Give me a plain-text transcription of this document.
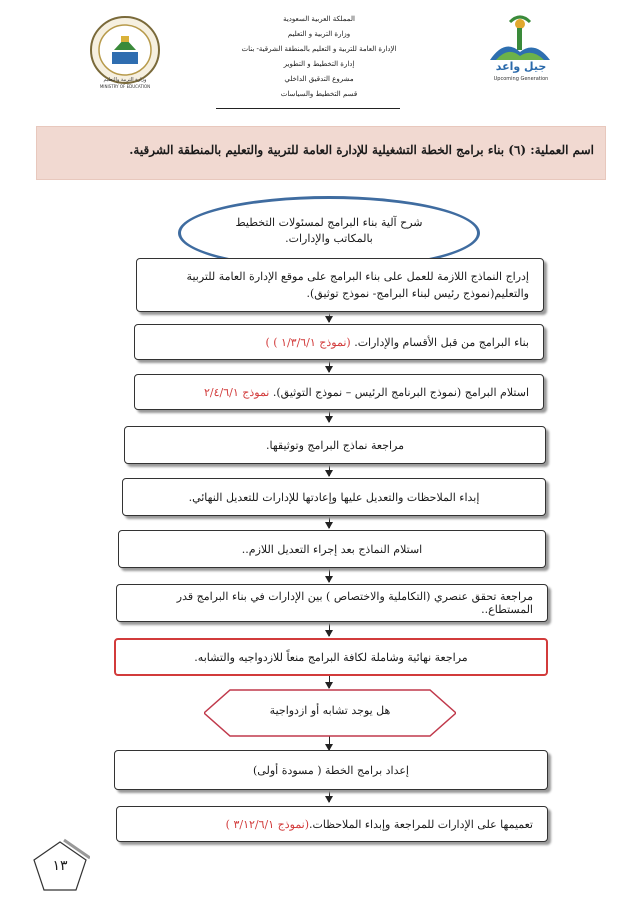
المملكة العربية السعودية
وزارة التربية و التعليم
الإدارة العامة للتربية و التعليم بالمنطقة الشرقية- بنات
إدارة التخطيط و التطوير
مشروع التدقيق الداخلي
قسم التخطيط والسياسات
جيل واعد
Upcoming Generation
وزارة التربية والتعليم
MINISTRY OF EDUCATION
اسم العملية: (٦) بناء برامج الخطة التشغيلية للإدارة العامة للتربية والتعليم بالمنطقة الشرقية.
شرح آلية بناء البرامج لمسئولات التخطيط بالمكاتب والإدارات.
إدراج النماذج اللازمة للعمل على بناء البرامج على موقع الإدارة العامة للتربية والتعليم(نموذج رئيس لبناء البرامج- نموذج توثيق).
بناء البرامج من قبل الأقسام والإدارات.

(نموذج ١/٣/٦/١ ) )
استلام البرامج (نموذج البرنامج الرئيس – نموذج التوثيق).

نموذج ٢/٤/٦/١
مراجعة نماذج البرامج وتوثيقها.
إبداء الملاحظات والتعديل عليها وإعادتها للإدارات للتعديل النهائي.
استلام النماذج بعد إجراء التعديل اللازم..
مراجعة تحقق عنصري (التكاملية والاختصاص ) بين الإدارات في بناء البرامج قدر المستطاع..
مراجعة نهائية وشاملة لكافة البرامج منعاً للازدواجيه والتشابه.
هل يوجد تشابه أو ازدواجية
إعداد برامج الخطة ( مسودة أولى)
تعميمها على الإدارات للمراجعة وإبداء الملاحظات.
(نموذج ٣/١٢/٦/١ )
١٣
